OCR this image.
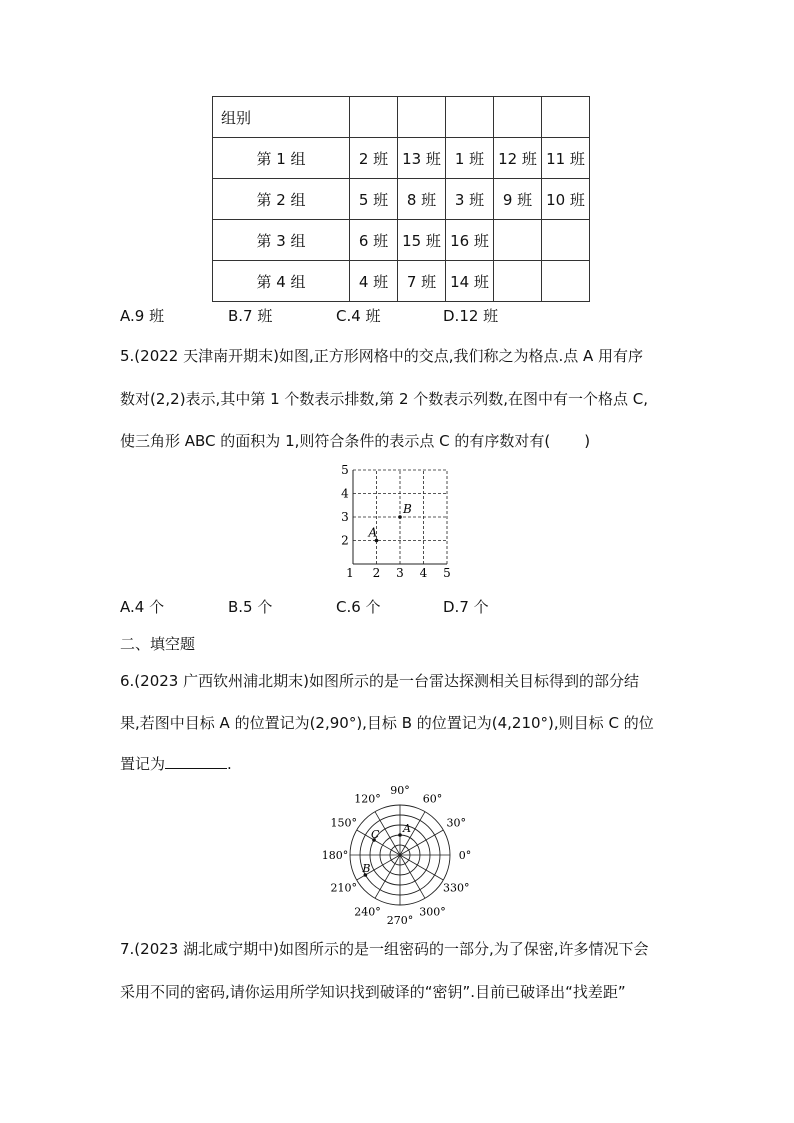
组别					
第 1 组	2 班	13 班	1 班	12 班	11 班
第 2 组	5 班	8 班	3 班	9 班	10 班
第 3 组	6 班	15 班	16 班		
第 4 组	4 班	7 班	14 班		
A.9 班	B.7 班	C.4 班	D.12 班
5.(2022 天津南开期末)如图,正方形网格中的交点,我们称之为格点.点 A 用有序
数对(2,2)表示,其中第 1 个数表示排数,第 2 个数表示列数,在图中有一个格点 C,
使三角形 ABC 的面积为 1,则符合条件的表示点 C 的有序数对有( )
1 2 3 4 5
2
3
4
5
A
B
A.4 个	B.5 个	C.6 个	D.7 个
二、填空题
6.(2023 广西钦州浦北期末)如图所示的是一台雷达探测相关目标得到的部分结
果,若图中目标 A 的位置记为(2,90°),目标 B 的位置记为(4,210°),则目标 C 的位
置记为	.
0°
30°
60°
90°
120°
150°
180°
210°
240°
270°
300°
330°
A
B
C
7.(2023 湖北咸宁期中)如图所示的是一组密码的一部分,为了保密,许多情况下会
采用不同的密码,请你运用所学知识找到破译的“密钥”.目前已破译出“找差距”
